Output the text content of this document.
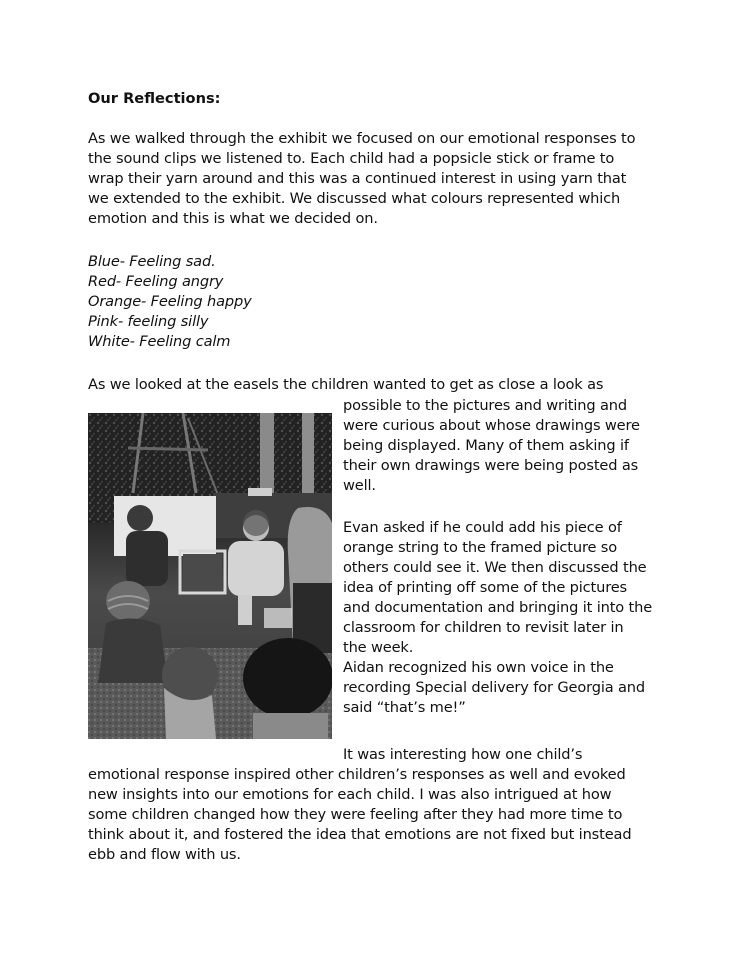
Our Reflections:
As we walked through the exhibit we focused on our emotional responses to
the sound clips we listened to. Each child had a popsicle stick or frame to
wrap their yarn around and this was a continued interest in using yarn that
we extended to the exhibit. We discussed what colours represented which
emotion and this is what we decided on.
Blue- Feeling sad.
Red- Feeling angry
Orange- Feeling happy
Pink- feeling silly
White- Feeling calm
As we looked at the easels the children wanted to get as close a look as
possible to the pictures and writing and
were curious about whose drawings were
being displayed. Many of them asking if
their own drawings were being posted as
well.
Evan asked if he could add his piece of
orange string to the framed picture so
others could see it. We then discussed the
idea of printing off some of the pictures
and documentation and bringing it into the
classroom for children to revisit later in
the week.
Aidan recognized his own voice in the
recording Special delivery for Georgia and
said “that’s me!”
It was interesting how one child’s
emotional response inspired other children’s responses as well and evoked
new insights into our emotions for each child. I was also intrigued at how
some children changed how they were feeling after they had more time to
think about it, and fostered the idea that emotions are not fixed but instead
ebb and flow with us.
